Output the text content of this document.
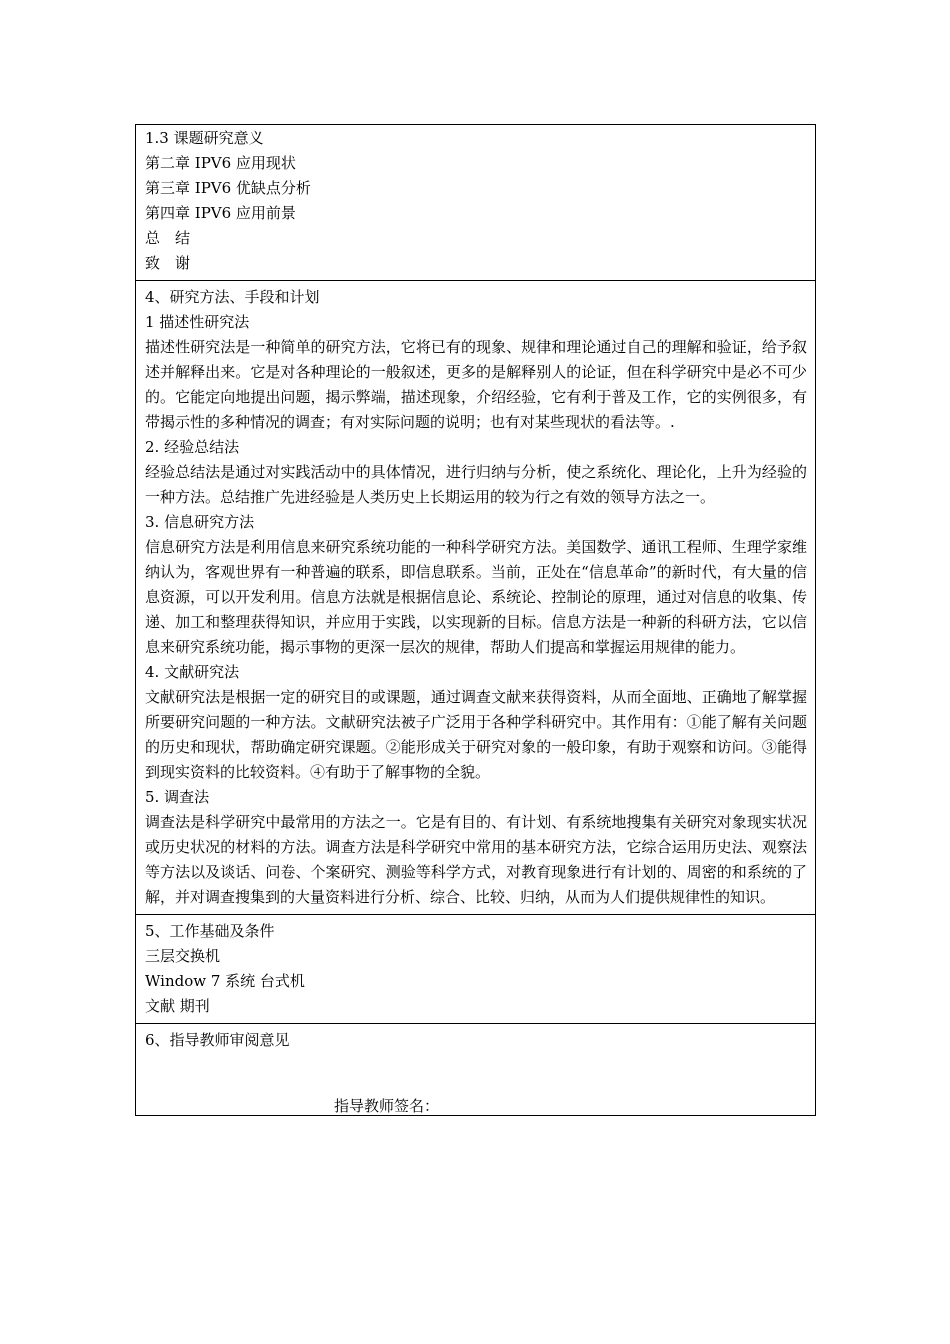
1.3 课题研究意义
第二章 IPV6 应用现状
第三章 IPV6 优缺点分析
第四章 IPV6 应用前景
总　结
致　谢
4、研究方法、手段和计划
1 描述性研究法
描述性研究法是一种简单的研究方法，它将已有的现象、规律和理论通过自己的理解和验证，给予叙述并解释出来。它是对各种理论的一般叙述，更多的是解释别人的论证，但在科学研究中是必不可少的。它能定向地提出问题，揭示弊端，描述现象，介绍经验，它有利于普及工作，它的实例很多，有带揭示性的多种情况的调查；有对实际问题的说明；也有对某些现状的看法等。.
2. 经验总结法
经验总结法是通过对实践活动中的具体情况，进行归纳与分析，使之系统化、理论化，上升为经验的一种方法。总结推广先进经验是人类历史上长期运用的较为行之有效的领导方法之一。
3. 信息研究方法
信息研究方法是利用信息来研究系统功能的一种科学研究方法。美国数学、通讯工程师、生理学家维纳认为，客观世界有一种普遍的联系，即信息联系。当前，正处在“信息革命”的新时代，有大量的信息资源，可以开发利用。信息方法就是根据信息论、系统论、控制论的原理，通过对信息的收集、传递、加工和整理获得知识，并应用于实践，以实现新的目标。信息方法是一种新的科研方法，它以信息来研究系统功能，揭示事物的更深一层次的规律，帮助人们提高和掌握运用规律的能力。
4. 文献研究法
文献研究法是根据一定的研究目的或课题，通过调查文献来获得资料，从而全面地、正确地了解掌握所要研究问题的一种方法。文献研究法被子广泛用于各种学科研究中。其作用有：①能了解有关问题的历史和现状，帮助确定研究课题。②能形成关于研究对象的一般印象，有助于观察和访问。③能得到现实资料的比较资料。④有助于了解事物的全貌。
5. 调查法
调查法是科学研究中最常用的方法之一。它是有目的、有计划、有系统地搜集有关研究对象现实状况或历史状况的材料的方法。调查方法是科学研究中常用的基本研究方法，它综合运用历史法、观察法等方法以及谈话、问卷、个案研究、测验等科学方式，对教育现象进行有计划的、周密的和系统的了解，并对调查搜集到的大量资料进行分析、综合、比较、归纳，从而为人们提供规律性的知识。
5、工作基础及条件
三层交换机
Window 7 系统 台式机
文献 期刊
6、指导教师审阅意见
指导教师签名：
